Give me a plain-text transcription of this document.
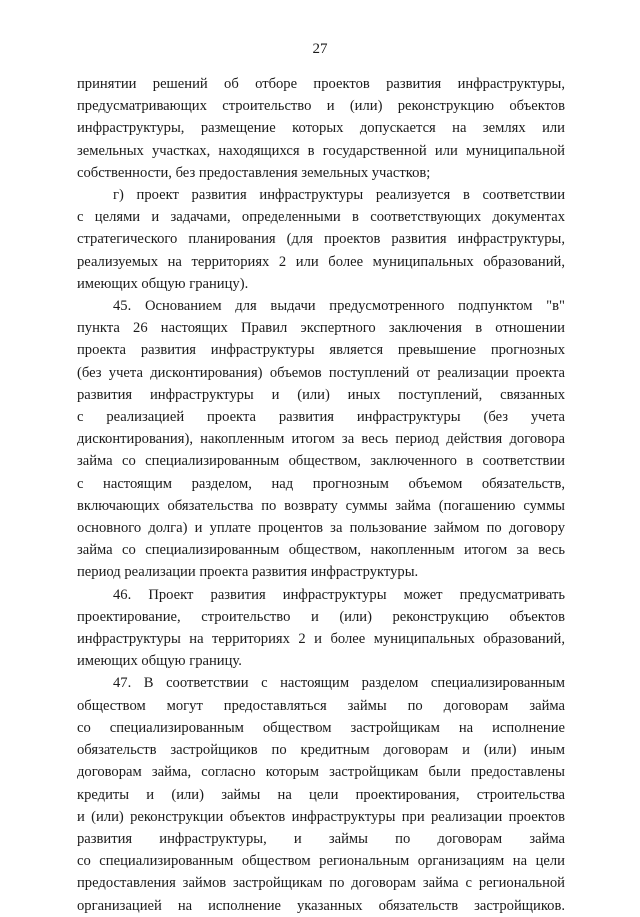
27

принятии решений об отборе проектов развития инфраструктуры,
предусматривающих строительство и (или) реконструкцию объектов
инфраструктуры, размещение которых допускается на землях или
земельных участках, находящихся в государственной или муниципальной
собственности, без предоставления земельных участков;

г) проект развития инфраструктуры реализуется в соответствии
с целями и задачами, определенными в соответствующих документах
стратегического планирования (для проектов развития инфраструктуры,
реализуемых на территориях 2 или более муниципальных образований,
имеющих общую границу).

45. Основанием для выдачи предусмотренного подпунктом "в"
пункта 26 настоящих Правил экспертного заключения в отношении
проекта развития инфраструктуры является превышение прогнозных
(без учета дисконтирования) объемов поступлений от реализации проекта
развития инфраструктуры и (или) иных поступлений, связанных
с реализацией проекта развития инфраструктуры (без учета
дисконтирования), накопленным итогом за весь период действия договора
займа со специализированным обществом, заключенного в соответствии
с настоящим разделом, над прогнозным объемом обязательств,
включающих обязательства по возврату суммы займа (погашению суммы
основного долга) и уплате процентов за пользование займом по договору
займа со специализированным обществом, накопленным итогом за весь
период реализации проекта развития инфраструктуры.

46. Проект развития инфраструктуры может предусматривать
проектирование, строительство и (или) реконструкцию объектов
инфраструктуры на территориях 2 и более муниципальных образований,
имеющих общую границу.

47. В соответствии с настоящим разделом специализированным
обществом могут предоставляться займы по договорам займа
со специализированным обществом застройщикам на исполнение
обязательств застройщиков по кредитным договорам и (или) иным
договорам займа, согласно которым застройщикам были предоставлены
кредиты и (или) займы на цели проектирования, строительства
и (или) реконструкции объектов инфраструктуры при реализации проектов
развития инфраструктуры, и займы по договорам займа
со специализированным обществом региональным организациям на цели
предоставления займов застройщикам по договорам займа с региональной
организацией на исполнение указанных обязательств застройщиков.
